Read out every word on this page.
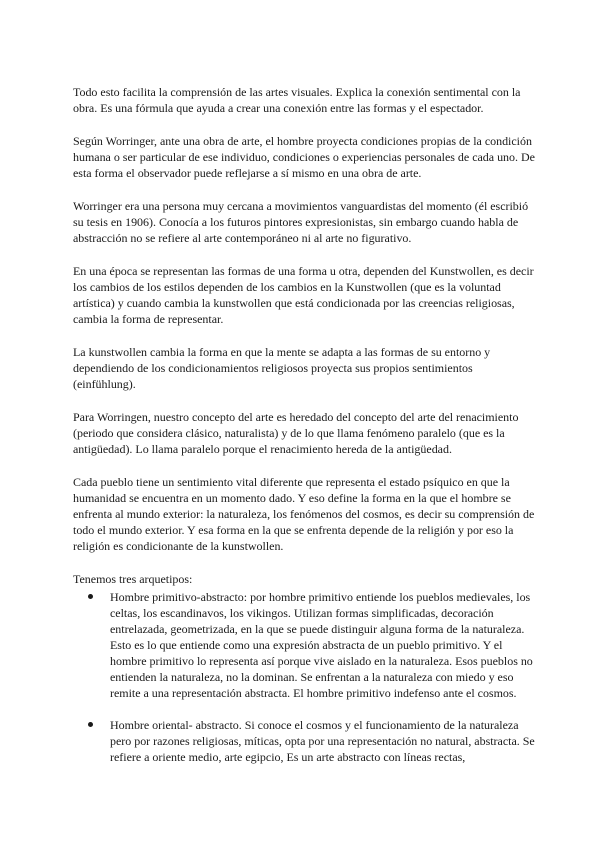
Todo esto facilita la comprensión de las artes visuales. Explica la conexión sentimental con la obra. Es una fórmula que ayuda a crear una conexión entre las formas y el espectador.

Según Worringer, ante una obra de arte, el hombre proyecta condiciones propias de la condición humana o ser particular de ese individuo, condiciones o experiencias personales de cada uno. De esta forma el observador puede reflejarse a sí mismo en una obra de arte.

Worringer era una persona muy cercana a movimientos vanguardistas del momento (él escribió su tesis en 1906). Conocía a los futuros pintores expresionistas, sin embargo cuando habla de abstracción no se refiere al arte contemporáneo ni al arte no figurativo.

En una época se representan las formas de una forma u otra, dependen del Kunstwollen, es decir los cambios de los estilos dependen de los cambios en la Kunstwollen (que es la voluntad artística) y cuando cambia la kunstwollen que está condicionada por las creencias religiosas, cambia la forma de representar.

La kunstwollen cambia la forma en que la mente se adapta a las formas de su entorno y dependiendo de los condicionamientos religiosos proyecta sus propios sentimientos (einfühlung).

Para Worringen, nuestro concepto del arte es heredado del concepto del arte del renacimiento (periodo que considera clásico, naturalista) y de lo que llama fenómeno paralelo (que es la antigüedad). Lo llama paralelo porque el renacimiento hereda de la antigüedad.

Cada pueblo tiene un sentimiento vital diferente que representa el estado psíquico en que la humanidad se encuentra en un momento dado. Y eso define la forma en la que el hombre se enfrenta al mundo exterior: la naturaleza, los fenómenos del cosmos, es decir su comprensión de todo el mundo exterior. Y esa forma en la que se enfrenta depende de la religión y por eso la religión es condicionante de la kunstwollen.

Tenemos tres arquetipos:

Hombre primitivo-abstracto: por hombre primitivo entiende los pueblos medievales, los celtas, los escandinavos, los vikingos. Utilizan formas simplificadas, decoración entrelazada, geometrizada, en la que se puede distinguir alguna forma de la naturaleza. Esto es lo que entiende como una expresión abstracta de un pueblo primitivo. Y el hombre primitivo lo representa así porque vive aislado en la naturaleza. Esos pueblos no entienden la naturaleza, no la dominan. Se enfrentan a la naturaleza con miedo y eso remite a una representación abstracta. El hombre primitivo indefenso ante el cosmos.
Hombre oriental- abstracto. Si conoce el cosmos y el funcionamiento de la naturaleza pero por razones religiosas, míticas, opta por una representación no natural, abstracta. Se refiere a oriente medio, arte egipcio, Es un arte abstracto con líneas rectas,
